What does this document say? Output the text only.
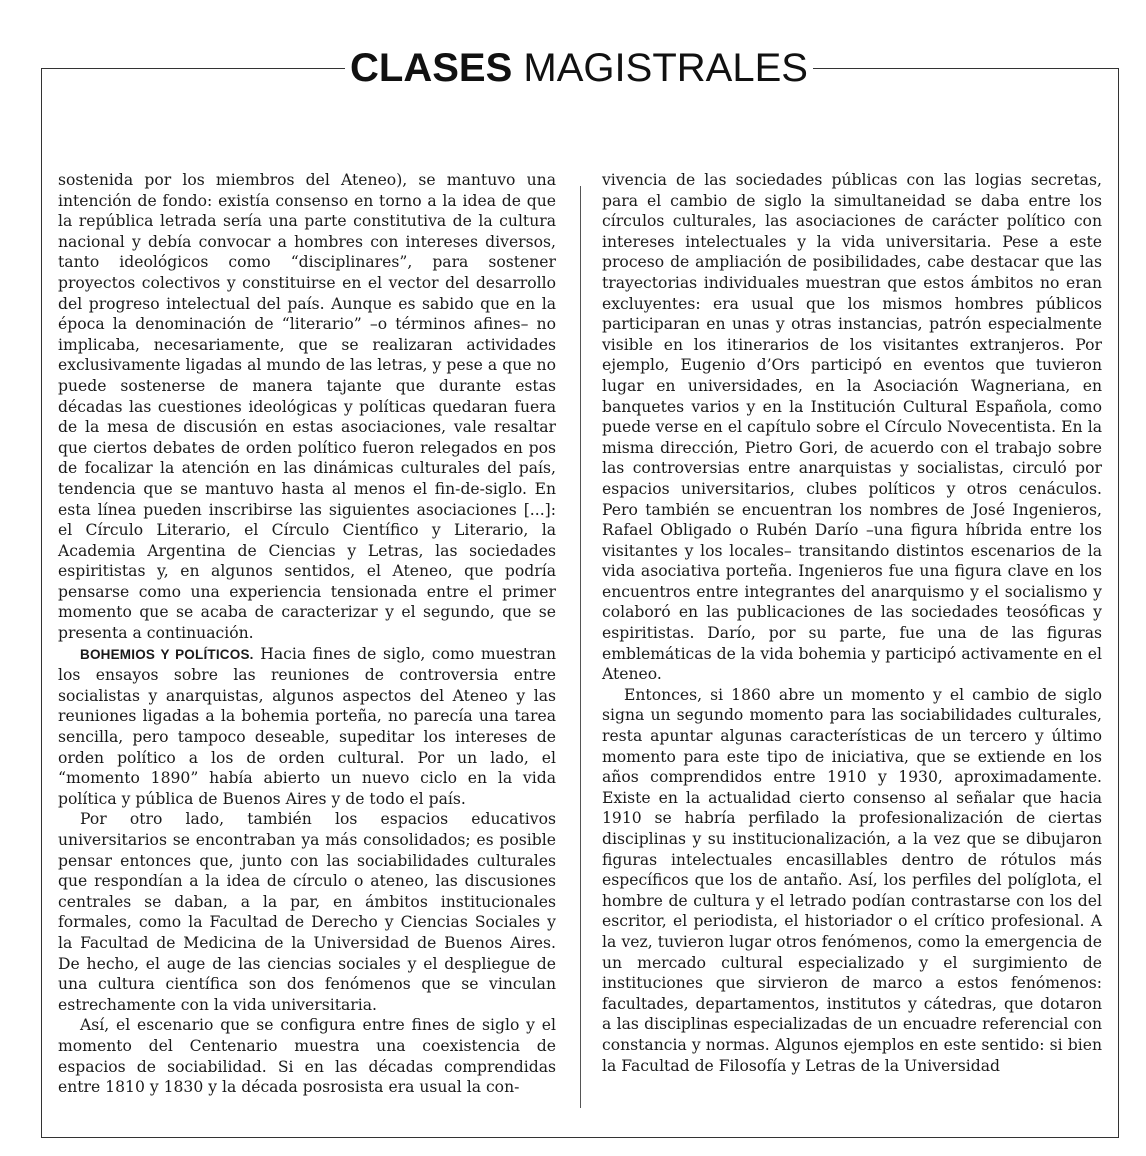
CLASES MAGISTRALES

sostenida por los miembros del Ateneo), se mantuvo una intención de fondo: existía consenso en torno a la idea de que la república letrada sería una parte constitutiva de la cultura nacional y debía convocar a hombres con intereses diversos, tanto ideológicos como “disciplinares”, para sostener proyectos colectivos y constituirse en el vector del desarrollo del progreso intelectual del país. Aunque es sabido que en la época la denominación de “literario” –o términos afines– no implicaba, necesariamente, que se realizaran actividades exclusivamente ligadas al mundo de las letras, y pese a que no puede sostenerse de manera tajante que durante estas décadas las cuestiones ideológicas y políticas quedaran fuera de la mesa de discusión en estas asociaciones, vale resaltar que ciertos debates de orden político fueron relegados en pos de focalizar la atención en las dinámicas culturales del país, tendencia que se mantuvo hasta al menos el fin-de-siglo. En esta línea pueden inscribirse las siguientes asociaciones [...]: el Círculo Literario, el Círculo Científico y Literario, la Academia Argentina de Ciencias y Letras, las sociedades espiritistas y, en algunos sentidos, el Ateneo, que podría pensarse como una experiencia tensionada entre el primer momento que se acaba de caracterizar y el segundo, que se presenta a continuación.

BOHEMIOS Y POLÍTICOS. Hacia fines de siglo, como muestran los ensayos sobre las reuniones de controversia entre socialistas y anarquistas, algunos aspectos del Ateneo y las reuniones ligadas a la bohemia porteña, no parecía una tarea sencilla, pero tampoco deseable, supeditar los intereses de orden político a los de orden cultural. Por un lado, el “momento 1890” había abierto un nuevo ciclo en la vida política y pública de Buenos Aires y de todo el país.

Por otro lado, también los espacios educativos universitarios se encontraban ya más consolidados; es posible pensar entonces que, junto con las sociabilidades culturales que respondían a la idea de círculo o ateneo, las discusiones centrales se daban, a la par, en ámbitos institucionales formales, como la Facultad de Derecho y Ciencias Sociales y la Facultad de Medicina de la Universidad de Buenos Aires. De hecho, el auge de las ciencias sociales y el despliegue de una cultura científica son dos fenómenos que se vinculan estrechamente con la vida universitaria.

Así, el escenario que se configura entre fines de siglo y el momento del Centenario muestra una coexistencia de espacios de sociabilidad. Si en las décadas comprendidas entre 1810 y 1830 y la década posrosista era usual la con-

vivencia de las sociedades públicas con las logias secretas, para el cambio de siglo la simultaneidad se daba entre los círculos culturales, las asociaciones de carácter político con intereses intelectuales y la vida universitaria. Pese a este proceso de ampliación de posibilidades, cabe destacar que las trayectorias individuales muestran que estos ámbitos no eran excluyentes: era usual que los mismos hombres públicos participaran en unas y otras instancias, patrón especialmente visible en los itinerarios de los visitantes extranjeros. Por ejemplo, Eugenio d’Ors participó en eventos que tuvieron lugar en universidades, en la Asociación Wagneriana, en banquetes varios y en la Institución Cultural Española, como puede verse en el capítulo sobre el Círculo Novecentista. En la misma dirección, Pietro Gori, de acuerdo con el trabajo sobre las controversias entre anarquistas y socialistas, circuló por espacios universitarios, clubes políticos y otros cenáculos. Pero también se encuentran los nombres de José Ingenieros, Rafael Obligado o Rubén Darío –una figura híbrida entre los visitantes y los locales– transitando distintos escenarios de la vida asociativa porteña. Ingenieros fue una figura clave en los encuentros entre integrantes del anarquismo y el socialismo y colaboró en las publicaciones de las sociedades teosóficas y espiritistas. Darío, por su parte, fue una de las figuras emblemáticas de la vida bohemia y participó activamente en el Ateneo.

Entonces, si 1860 abre un momento y el cambio de siglo signa un segundo momento para las sociabilidades culturales, resta apuntar algunas características de un tercero y último momento para este tipo de iniciativa, que se extiende en los años comprendidos entre 1910 y 1930, aproximadamente. Existe en la actualidad cierto consenso al señalar que hacia 1910 se habría perfilado la profesionalización de ciertas disciplinas y su institucionalización, a la vez que se dibujaron figuras intelectuales encasillables dentro de rótulos más específicos que los de antaño. Así, los perfiles del políglota, el hombre de cultura y el letrado podían contrastarse con los del escritor, el periodista, el historiador o el crítico profesional. A la vez, tuvieron lugar otros fenómenos, como la emergencia de un mercado cultural especializado y el surgimiento de instituciones que sirvieron de marco a estos fenómenos: facultades, departamentos, institutos y cátedras, que dotaron a las disciplinas especializadas de un encuadre referencial con constancia y normas. Algunos ejemplos en este sentido: si bien la Facultad de Filosofía y Letras de la Universidad
